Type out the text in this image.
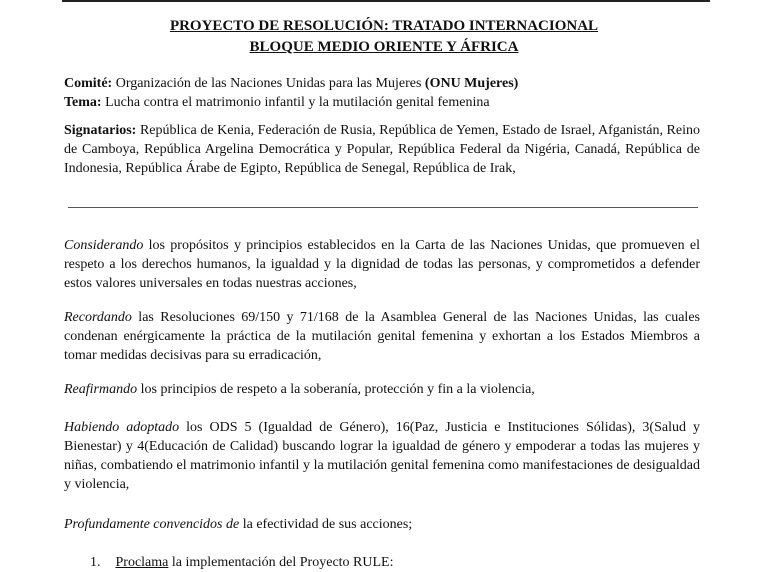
PROYECTO DE RESOLUCIÓN: TRATADO INTERNACIONAL
BLOQUE MEDIO ORIENTE Y ÁFRICA
Comité: Organización de las Naciones Unidas para las Mujeres (ONU Mujeres)
Tema: Lucha contra el matrimonio infantil y la mutilación genital femenina
Signatarios: República de Kenia, Federación de Rusia, República de Yemen, Estado de Israel, Afganistán, Reino de Camboya, República Argelina Democrática y Popular, República Federal da Nigéria, Canadá, República de Indonesia, República Árabe de Egipto, República de Senegal, República de Irak,
Considerando los propósitos y principios establecidos en la Carta de las Naciones Unidas, que promueven el respeto a los derechos humanos, la igualdad y la dignidad de todas las personas, y comprometidos a defender estos valores universales en todas nuestras acciones,
Recordando las Resoluciones 69/150 y 71/168 de la Asamblea General de las Naciones Unidas, las cuales condenan enérgicamente la práctica de la mutilación genital femenina y exhortan a los Estados Miembros a tomar medidas decisivas para su erradicación,
Reafirmando los principios de respeto a la soberanía, protección y fin a la violencia,
Habiendo adoptado los ODS 5 (Igualdad de Género), 16(Paz, Justicia e Instituciones Sólidas), 3(Salud y Bienestar) y 4(Educación de Calidad) buscando lograr la igualdad de género y empoderar a todas las mujeres y niñas, combatiendo el matrimonio infantil y la mutilación genital femenina como manifestaciones de desigualdad y violencia,
Profundamente convencidos de la efectividad de sus acciones;
1. Proclama la implementación del Proyecto RULE:
